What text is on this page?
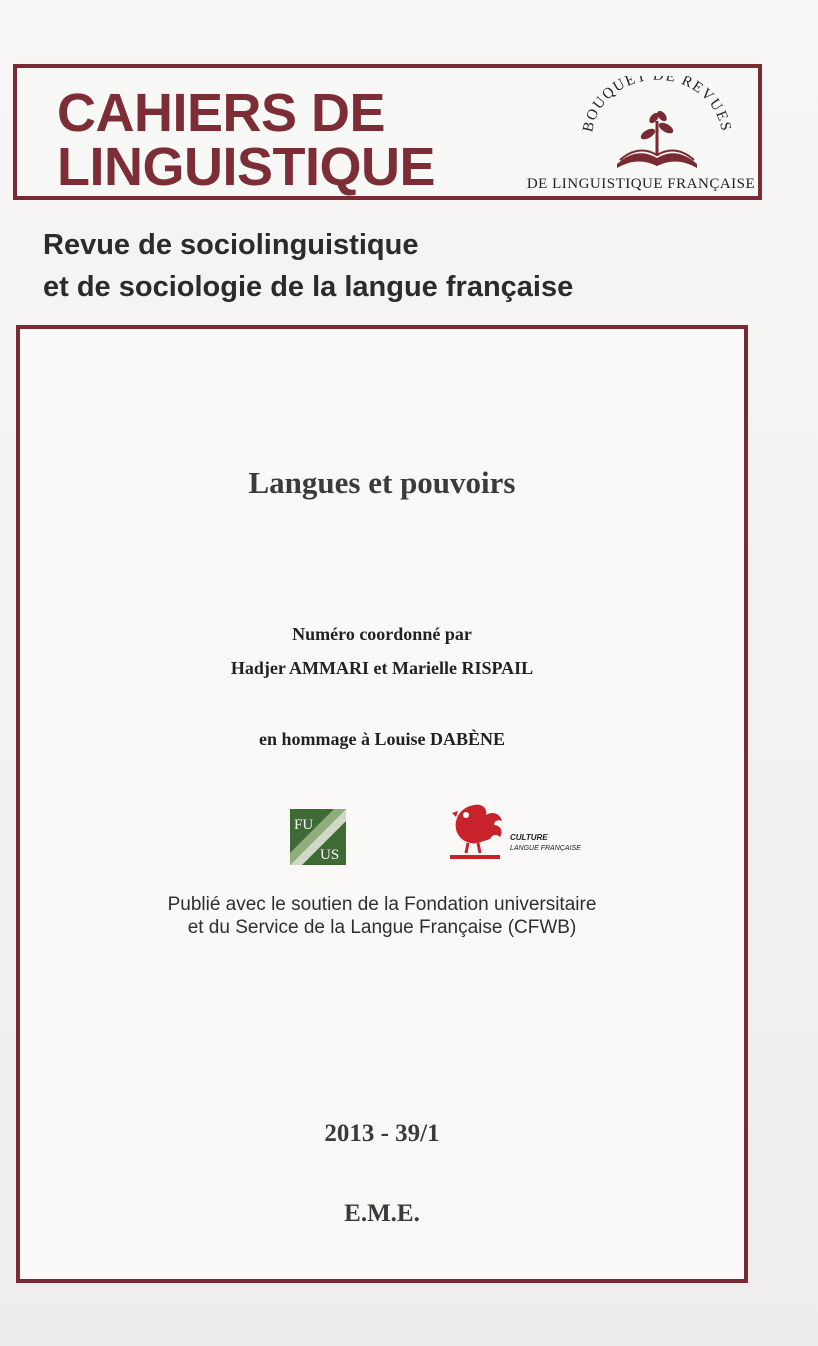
CAHIERS DE
LINGUISTIQUE
BOUQUET E REVUES
DE LINGUISTIQUE FRANÇAISE
Revue de sociolinguistique
et de sociologie de la langue française
Langues et pouvoirs
Numéro coordonné par
Hadjer AMMARI et Marielle RISPAIL
en hommage à Louise DABÈNE
FU
US
CULTURE
LANGUE FRANÇAISE
Publié avec le soutien de la Fondation universitaire
et du Service de la Langue Française (CFWB)
2013 - 39/1
E.M.E.
